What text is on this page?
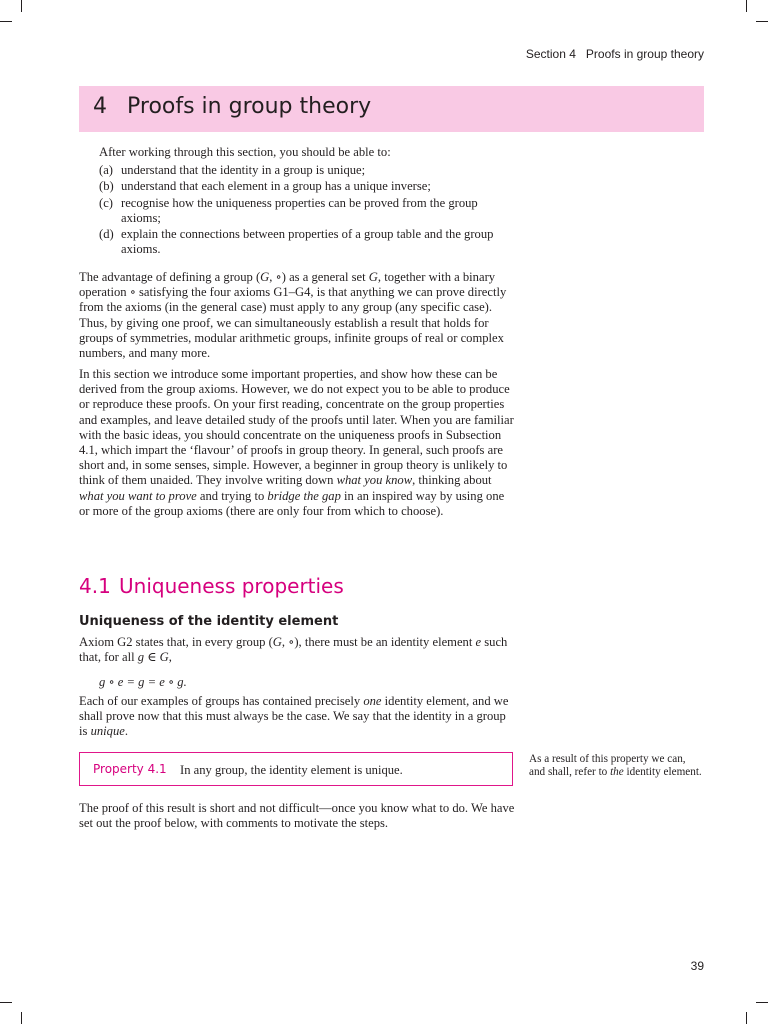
Section 4 Proofs in group theory
4 Proofs in group theory

After working through this section, you should be able to:

(a) understand that the identity in a group is unique;
(b) understand that each element in a group has a unique inverse;
(c) recognise how the uniqueness properties can be proved from the group axioms;
(d) explain the connections between properties of a group table and the group axioms.

The advantage of defining a group (G, ∘) as a general set G, together with a binary operation ∘ satisfying the four axioms G1–G4, is that anything we can prove directly from the axioms (in the general case) must apply to any group (any specific case). Thus, by giving one proof, we can simultaneously establish a result that holds for groups of symmetries, modular arithmetic groups, infinite groups of real or complex numbers, and many more.

In this section we introduce some important properties, and show how these can be derived from the group axioms. However, we do not expect you to be able to produce or reproduce these proofs. On your first reading, concentrate on the group properties and examples, and leave detailed study of the proofs until later. When you are familiar with the basic ideas, you should concentrate on the uniqueness proofs in Subsection 4.1, which impart the ‘flavour’ of proofs in group theory. In general, such proofs are short and, in some senses, simple. However, a beginner in group theory is unlikely to think of them unaided. They involve writing down what you know, thinking about what you want to prove and trying to bridge the gap in an inspired way by using one or more of the group axioms (there are only four from which to choose).

4.1 Uniqueness properties
Uniqueness of the identity element

Axiom G2 states that, in every group (G, ∘), there must be an identity element e such that, for all g ∈ G,

g ∘ e = g = e ∘ g.

Each of our examples of groups has contained precisely one identity element, and we shall prove now that this must always be the case. We say that the identity in a group is unique.

Property 4.1 In any group, the identity element is unique.

As a result of this property we can, and shall, refer to the identity element.

The proof of this result is short and not difficult—once you know what to do. We have set out the proof below, with comments to motivate the steps.

39
